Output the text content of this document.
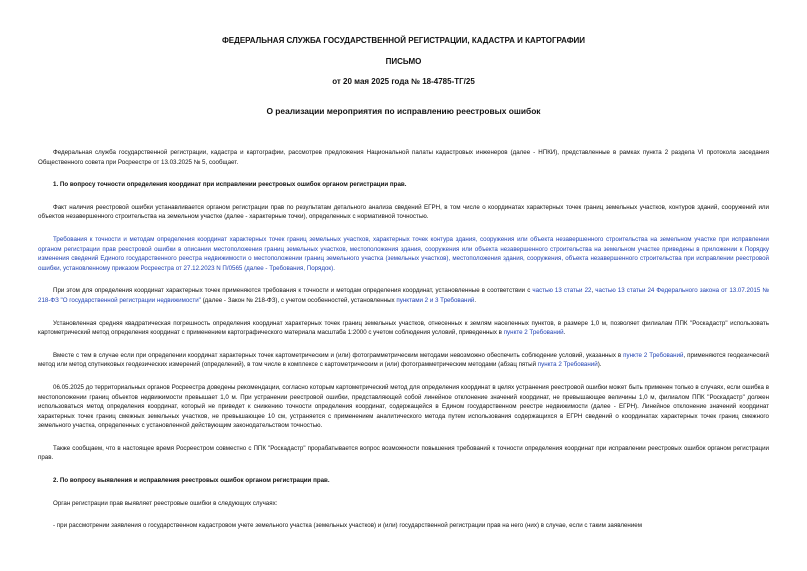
ФЕДЕРАЛЬНАЯ СЛУЖБА ГОСУДАРСТВЕННОЙ РЕГИСТРАЦИИ, КАДАСТРА И КАРТОГРАФИИ
ПИСЬМО
от 20 мая 2025 года № 18-4785-ТГ/25
О реализации мероприятия по исправлению реестровых ошибок

Федеральная служба государственной регистрации, кадастра и картографии, рассмотрев предложения Национальной палаты кадастровых инженеров (далее - НПКИ), представленные в рамках пункта 2 раздела VI протокола заседания Общественного совета при Росреестре от 13.03.2025 № 5, сообщает.

1. По вопросу точности определения координат при исправлении реестровых ошибок органом регистрации прав.

Факт наличия реестровой ошибки устанавливается органом регистрации прав по результатам детального анализа сведений ЕГРН, в том числе о координатах характерных точек границ земельных участков, контуров зданий, сооружений или объектов незавершенного строительства на земельном участке (далее - характерные точки), определенных с нормативной точностью.

Требования к точности и методам определения координат характерных точек границ земельных участков, характерных точек контура здания, сооружения или объекта незавершенного строительства на земельном участке при исправлении органом регистрации прав реестровой ошибки в описании местоположения границ земельных участков, местоположения здания, сооружения или объекта незавершенного строительства на земельном участке приведены в приложении к Порядку изменения сведений Единого государственного реестра недвижимости о местоположении границ земельного участка (земельных участков), местоположения здания, сооружения, объекта незавершенного строительства при исправлении реестровой ошибки, установленному приказом Росреестра от 27.12.2023 N П/0565 (далее - Требования, Порядок).

При этом для определения координат характерных точек применяются требования к точности и методам определения координат, установленные в соответствии с частью 13 статьи 22, частью 13 статьи 24 Федерального закона от 13.07.2015 № 218-ФЗ "О государственной регистрации недвижимости" (далее - Закон № 218-ФЗ), с учетом особенностей, установленных пунктами 2 и 3 Требований.

Установленная средняя квадратическая погрешность определения координат характерных точек границ земельных участков, отнесенных к землям населенных пунктов, в размере 1,0 м, позволяет филиалам ППК "Роскадастр" использовать картометрический метод определения координат с применением картографического материала масштаба 1:2000 с учетом соблюдения условий, приведенных в пункте 2 Требований.

Вместе с тем в случае если при определении координат характерных точек картометрическим и (или) фотограмметрическим методами невозможно обеспечить соблюдение условий, указанных в пункте 2 Требований, применяются геодезический метод или метод спутниковых геодезических измерений (определений), в том числе в комплексе с картометрическим и (или) фотограмметрическим методами (абзац пятый пункта 2 Требований).

06.05.2025 до территориальных органов Росреестра доведены рекомендации, согласно которым картометрический метод для определения координат в целях устранения реестровой ошибки может быть применен только в случаях, если ошибка в местоположении границ объектов недвижимости превышает 1,0 м. При устранении реестровой ошибки, представляющей собой линейное отклонение значений координат, не превышающее величины 1,0 м, филиалом ППК "Роскадастр" должен использоваться метод определения координат, который не приведет к снижению точности определения координат, содержащейся в Едином государственном реестре недвижимости (далее - ЕГРН). Линейное отклонение значений координат характерных точек границ смежных земельных участков, не превышающее 10 см, устраняется с применением аналитического метода путем использования содержащихся в ЕГРН сведений о координатах характерных точек границ смежного земельного участка, определенных с установленной действующим законодательством точностью.

Также сообщаем, что в настоящее время Росреестром совместно с ППК "Роскадастр" прорабатывается вопрос возможности повышения требований к точности определения координат при исправлении реестровых ошибок органом регистрации прав.

2. По вопросу выявления и исправления реестровых ошибок органом регистрации прав.

Орган регистрации прав выявляет реестровые ошибки в следующих случаях:

- при рассмотрении заявления о государственном кадастровом учете земельного участка (земельных участков) и (или) государственной регистрации прав на него (них) в случае, если с таким заявлением
